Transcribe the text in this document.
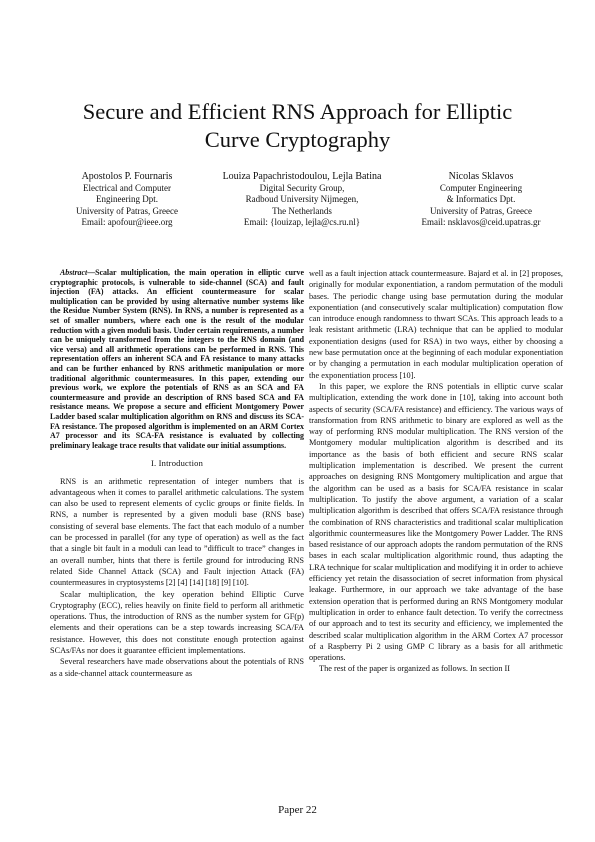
Secure and Efficient RNS Approach for Elliptic
Curve Cryptography
Apostolos P. Fournaris
Electrical and Computer
Engineering Dpt.
University of Patras, Greece
Email: apofour@ieee.org
Louiza Papachristodoulou, Lejla Batina
Digital Security Group,
Radboud University Nijmegen,
The Netherlands
Email: {louizap, lejla@cs.ru.nl}
Nicolas Sklavos
Computer Engineering
& Informatics Dpt.
University of Patras, Greece
Email: nsklavos@ceid.upatras.gr

Abstract—Scalar multiplication, the main operation in elliptic curve cryptographic protocols, is vulnerable to side-channel (SCA) and fault injection (FA) attacks. An efficient countermeasure for scalar multiplication can be provided by using alternative number systems like the Residue Number System (RNS). In RNS, a number is represented as a set of smaller numbers, where each one is the result of the modular reduction with a given moduli basis. Under certain requirements, a number can be uniquely transformed from the integers to the RNS domain (and vice versa) and all arithmetic operations can be performed in RNS. This representation offers an inherent SCA and FA resistance to many attacks and can be further enhanced by RNS arithmetic manipulation or more traditional algorithmic countermeasures. In this paper, extending our previous work, we explore the potentials of RNS as an SCA and FA countermeasure and provide an description of RNS based SCA and FA resistance means. We propose a secure and efficient Montgomery Power Ladder based scalar multiplication algorithm on RNS and discuss its SCA-FA resistance. The proposed algorithm is implemented on an ARM Cortex A7 processor and its SCA-FA resistance is evaluated by collecting preliminary leakage trace results that validate our initial assumptions.

I. Introduction

RNS is an arithmetic representation of integer numbers that is advantageous when it comes to parallel arithmetic calculations. The system can also be used to represent elements of cyclic groups or finite fields. In RNS, a number is represented by a given moduli base (RNS base) consisting of several base elements. The fact that each modulo of a number can be processed in parallel (for any type of operation) as well as the fact that a single bit fault in a moduli can lead to ”difficult to trace” changes in an overall number, hints that there is fertile ground for introducing RNS related Side Channel Attack (SCA) and Fault injection Attack (FA) countermeasures in cryptosystems [2] [4] [14] [18] [9] [10].

Scalar multiplication, the key operation behind Elliptic Curve Cryptography (ECC), relies heavily on finite field to perform all arithmetic operations. Thus, the introduction of RNS as the number system for GF(p) elements and their operations can be a step towards increasing SCA/FA resistance. However, this does not constitute enough protection against SCAs/FAs nor does it guarantee efficient implementations.

Several researchers have made observations about the potentials of RNS as a side-channel attack countermeasure as

well as a fault injection attack countermeasure. Bajard et al. in [2] proposes, originally for modular exponentiation, a random permutation of the moduli bases. The periodic change using base permutation during the modular exponentiation (and consecutively scalar multiplication) computation flow can introduce enough randomness to thwart SCAs. This approach leads to a leak resistant arithmetic (LRA) technique that can be applied to modular exponentiation designs (used for RSA) in two ways, either by choosing a new base permutation once at the beginning of each modular exponentiation or by changing a permutation in each modular multiplication operation of the exponentiation process [10].

In this paper, we explore the RNS potentials in elliptic curve scalar multiplication, extending the work done in [10], taking into account both aspects of security (SCA/FA resistance) and efficiency. The various ways of transformation from RNS arithmetic to binary are explored as well as the way of performing RNS modular multiplication. The RNS version of the Montgomery modular multiplication algorithm is described and its importance as the basis of both efficient and secure RNS scalar multiplication implementation is described. We present the current approaches on designing RNS Montgomery multiplication and argue that the algorithm can be used as a basis for SCA/FA resistance in scalar multiplication. To justify the above argument, a variation of a scalar multiplication algorithm is described that offers SCA/FA resistance through the combination of RNS characteristics and traditional scalar multiplication algorithmic countermeasures like the Montgomery Power Ladder. The RNS based resistance of our approach adopts the random permutation of the RNS bases in each scalar multiplication algorithmic round, thus adapting the LRA technique for scalar multiplication and modifying it in order to achieve efficiency yet retain the disassociation of secret information from physical leakage. Furthermore, in our approach we take advantage of the base extension operation that is performed during an RNS Montgomery modular multiplication in order to enhance fault detection. To verify the correctness of our approach and to test its security and efficiency, we implemented the described scalar multiplication algorithm in the ARM Cortex A7 processor of a Raspberry Pi 2 using GMP C library as a basis for all arithmetic operations.

The rest of the paper is organized as follows. In section II

Paper 22
